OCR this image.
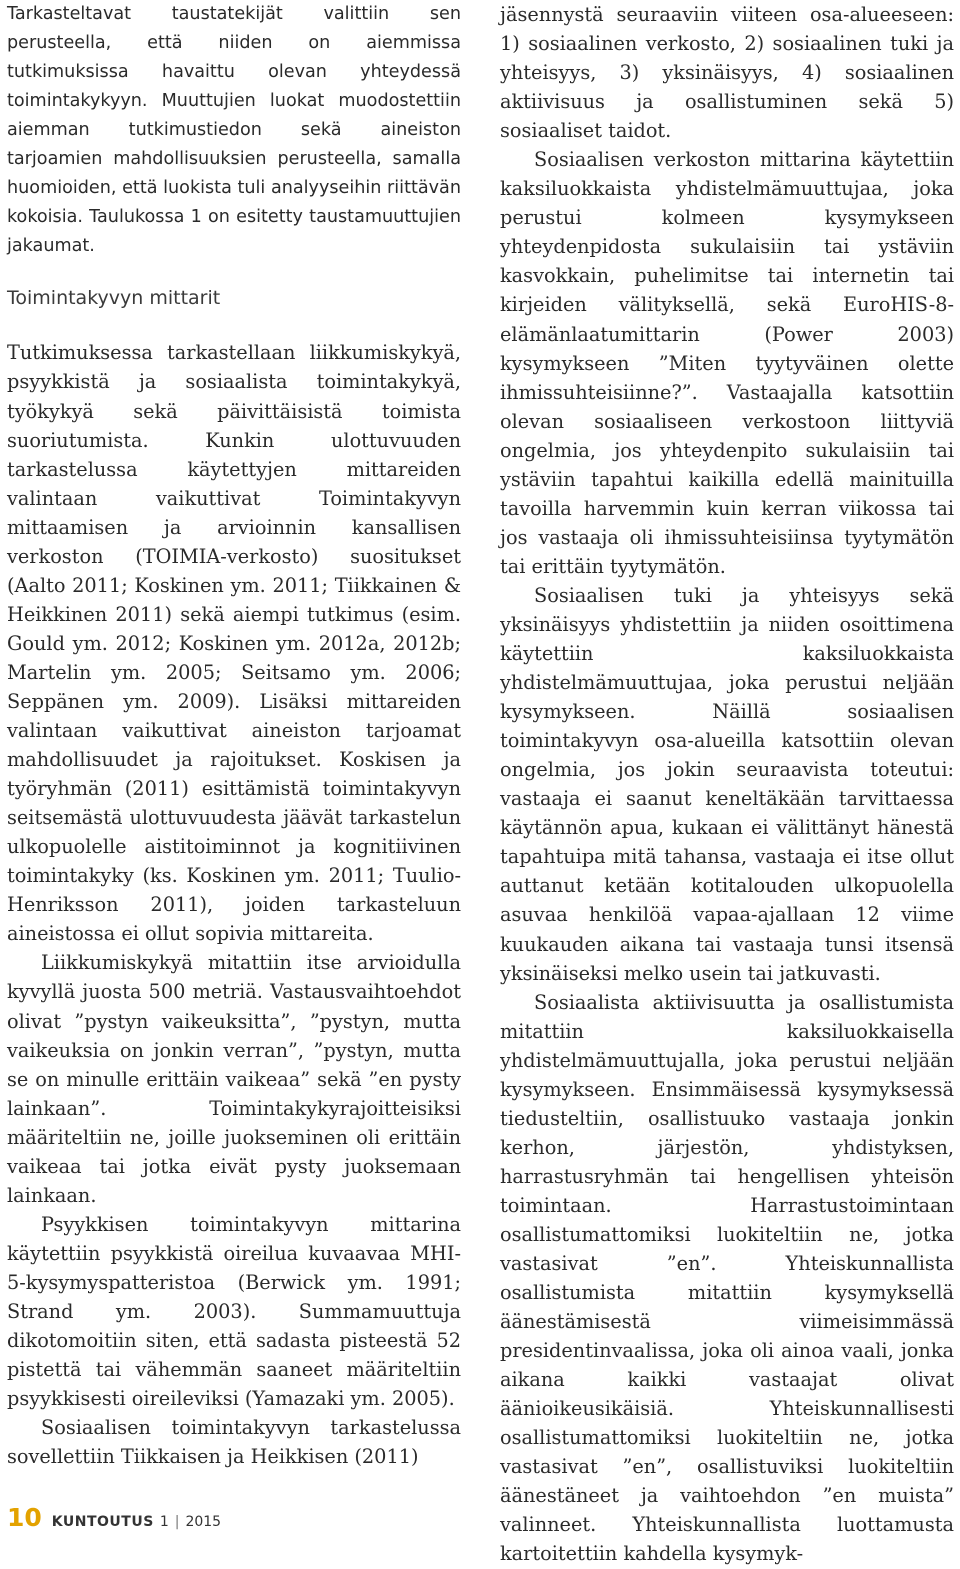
Tarkasteltavat taustatekijät valittiin sen perusteella, että niiden on aiemmissa tutkimuksissa havaittu olevan yhteydessä toimintakykyyn. Muuttujien luokat muodostettiin aiemman tutkimustiedon sekä aineiston tarjoamien mahdollisuuksien perusteella, samalla huomioiden, että luokista tuli analyyseihin riittävän kokoisia. Taulukossa 1 on esitetty taustamuuttujien jakaumat.

Toimintakyvyn mittarit

Tutkimuksessa tarkastellaan liikkumiskykyä, psyykkistä ja sosiaalista toimintakykyä, työkykyä sekä päivittäisistä toimista suoriutumista. Kunkin ulottuvuuden tarkastelussa käytettyjen mittareiden valintaan vaikuttivat Toimintakyvyn mittaamisen ja arvioinnin kansallisen verkoston (TOIMIA-verkosto) suositukset (Aalto 2011; Koskinen ym. 2011; Tiikkainen & Heikkinen 2011) sekä aiempi tutkimus (esim. Gould ym. 2012; Koskinen ym. 2012a, 2012b; Martelin ym. 2005; Seitsamo ym. 2006; Seppänen ym. 2009). Lisäksi mittareiden valintaan vaikuttivat aineiston tarjoamat mahdollisuudet ja rajoitukset. Koskisen ja työryhmän (2011) esittämistä toimintakyvyn seitsemästä ulottuvuudesta jäävät tarkastelun ulkopuolelle aistitoiminnot ja kognitiivinen toimintakyky (ks. Koskinen ym. 2011; Tuulio-Henriksson 2011), joiden tarkasteluun aineistossa ei ollut sopivia mittareita.

Liikkumiskykyä mitattiin itse arvioidulla kyvyllä juosta 500 metriä. Vastausvaihtoehdot olivat ”pystyn vaikeuksitta”, ”pystyn, mutta vaikeuksia on jonkin verran”, ”pystyn, mutta se on minulle erittäin vaikeaa” sekä ”en pysty lainkaan”. Toimintakykyrajoitteisiksi määriteltiin ne, joille juokseminen oli erittäin vaikeaa tai jotka eivät pysty juoksemaan lainkaan.

Psyykkisen toimintakyvyn mittarina käytettiin psyykkistä oireilua kuvaavaa MHI-5-kysymyspatteristoa (Berwick ym. 1991; Strand ym. 2003). Summamuuttuja dikotomoitiin siten, että sadasta pisteestä 52 pistettä tai vähemmän saaneet määriteltiin psyykkisesti oireileviksi (Yamazaki ym. 2005).

Sosiaalisen toimintakyvyn tarkastelussa sovellettiin Tiikkaisen ja Heikkisen (2011)

jäsennystä seuraaviin viiteen osa-alueeseen: 1) sosiaalinen verkosto, 2) sosiaalinen tuki ja yhteisyys, 3) yksinäisyys, 4) sosiaalinen aktiivisuus ja osallistuminen sekä 5) sosiaaliset taidot.

Sosiaalisen verkoston mittarina käytettiin kaksiluokkaista yhdistelmämuuttujaa, joka perustui kolmeen kysymykseen yhteydenpidosta sukulaisiin tai ystäviin kasvokkain, puhelimitse tai internetin tai kirjeiden välityksellä, sekä EuroHIS-8-elämänlaatumittarin (Power 2003) kysymykseen ”Miten tyytyväinen olette ihmissuhteisiinne?”. Vastaajalla katsottiin olevan sosiaaliseen verkostoon liittyviä ongelmia, jos yhteydenpito sukulaisiin tai ystäviin tapahtui kaikilla edellä mainituilla tavoilla harvemmin kuin kerran viikossa tai jos vastaaja oli ihmissuhteisiinsa tyytymätön tai erittäin tyytymätön.

Sosiaalisen tuki ja yhteisyys sekä yksinäisyys yhdistettiin ja niiden osoittimena käytettiin kaksiluokkaista yhdistelmämuuttujaa, joka perustui neljään kysymykseen. Näillä sosiaalisen toimintakyvyn osa-alueilla katsottiin olevan ongelmia, jos jokin seuraavista toteutui: vastaaja ei saanut keneltäkään tarvittaessa käytännön apua, kukaan ei välittänyt hänestä tapahtuipa mitä tahansa, vastaaja ei itse ollut auttanut ketään kotitalouden ulkopuolella asuvaa henkilöä vapaa-ajallaan 12 viime kuukauden aikana tai vastaaja tunsi itsensä yksinäiseksi melko usein tai jatkuvasti.

Sosiaalista aktiivisuutta ja osallistumista mitattiin kaksiluokkaisella yhdistelmämuuttujalla, joka perustui neljään kysymykseen. Ensimmäisessä kysymyksessä tiedusteltiin, osallistuuko vastaaja jonkin kerhon, järjestön, yhdistyksen, harrastusryhmän tai hengellisen yhteisön toimintaan. Harrastustoimintaan osallistumattomiksi luokiteltiin ne, jotka vastasivat ”en”. Yhteiskunnallista osallistumista mitattiin kysymyksellä äänestämisestä viimeisimmässä presidentinvaalissa, joka oli ainoa vaali, jonka aikana kaikki vastaajat olivat äänioikeusikäisiä. Yhteiskunnallisesti osallistumattomiksi luokiteltiin ne, jotka vastasivat ”en”, osallistuviksi luokiteltiin äänestäneet ja vaihtoehdon ”en muista” valinneet. Yhteiskunnallista luottamusta kartoitettiin kahdella kysymyk-

10 KUNTOUTUS 1 | 2015
